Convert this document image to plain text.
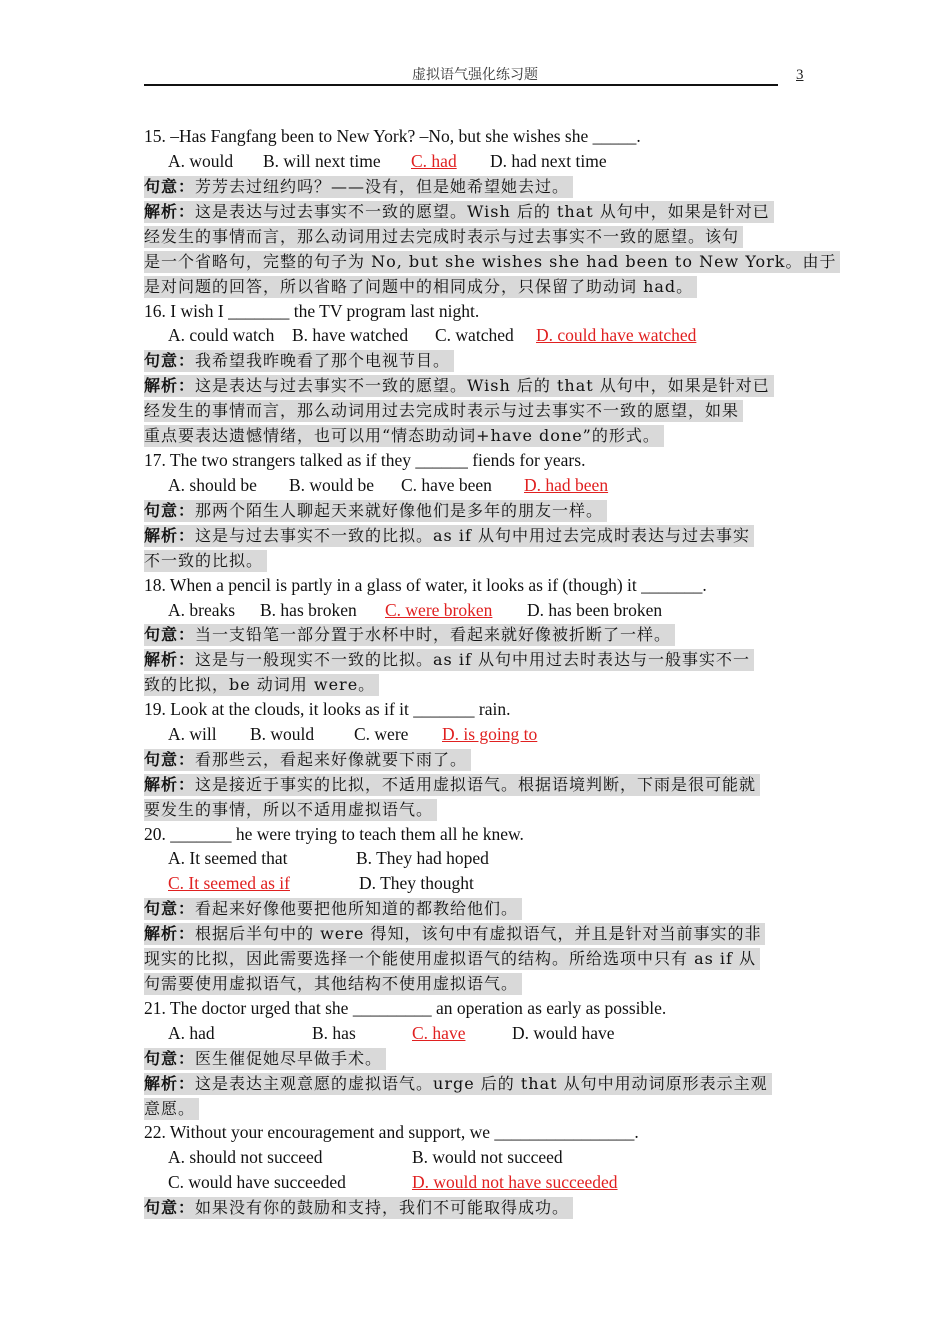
虚拟语气强化练习题	3
15. –Has Fangfang been to New York? –No, but she wishes she _____.
A. would B. will next time C. had D. had next time
句意：芳芳去过纽约吗？——没有，但是她希望她去过。
解析：这是表达与过去事实不一致的愿望。Wish 后的 that 从句中，如果是针对已
经发生的事情而言，那么动词用过去完成时表示与过去事实不一致的愿望。该句
是一个省略句，完整的句子为 No, but she wishes she had been to New York。由于
是对问题的回答，所以省略了问题中的相同成分，只保留了助动词 had。
16. I wish I _______ the TV program last night.
A. could watch B. have watched C. watched D. could have watched
句意：我希望我昨晚看了那个电视节目。
解析：这是表达与过去事实不一致的愿望。Wish 后的 that 从句中，如果是针对已
经发生的事情而言，那么动词用过去完成时表示与过去事实不一致的愿望，如果
重点要表达遗憾情绪，也可以用“情态助动词+have done”的形式。
17. The two strangers talked as if they ______ fiends for years.
A. should be B. would be C. have been D. had been
句意：那两个陌生人聊起天来就好像他们是多年的朋友一样。
解析：这是与过去事实不一致的比拟。as if 从句中用过去完成时表达与过去事实
不一致的比拟。
18. When a pencil is partly in a glass of water, it looks as if (though) it _______.
A. breaks B. has broken C. were broken D. has been broken
句意：当一支铅笔一部分置于水杯中时，看起来就好像被折断了一样。
解析：这是与一般现实不一致的比拟。as if 从句中用过去时表达与一般事实不一
致的比拟，be 动词用 were。
19. Look at the clouds, it looks as if it _______ rain.
A. will B. would C. were D. is going to
句意：看那些云，看起来好像就要下雨了。
解析：这是接近于事实的比拟，不适用虚拟语气。根据语境判断，下雨是很可能就
要发生的事情，所以不适用虚拟语气。
20. _______ he were trying to teach them all he knew.
A. It seemed that	B. They had hoped
C. It seemed as if	D. They thought
句意：看起来好像他要把他所知道的都教给他们。
解析：根据后半句中的 were 得知，该句中有虚拟语气，并且是针对当前事实的非
现实的比拟，因此需要选择一个能使用虚拟语气的结构。所给选项中只有 as if 从
句需要使用虚拟语气，其他结构不使用虚拟语气。
21. The doctor urged that she _________ an operation as early as possible.
A. had	B. has	C. have	D. would have
句意：医生催促她尽早做手术。
解析：这是表达主观意愿的虚拟语气。urge 后的 that 从句中用动词原形表示主观
意愿。
22. Without your encouragement and support, we ________________.
A. should not succeed	B. would not succeed
C. would have succeeded	D. would not have succeeded
句意：如果没有你的鼓励和支持，我们不可能取得成功。
